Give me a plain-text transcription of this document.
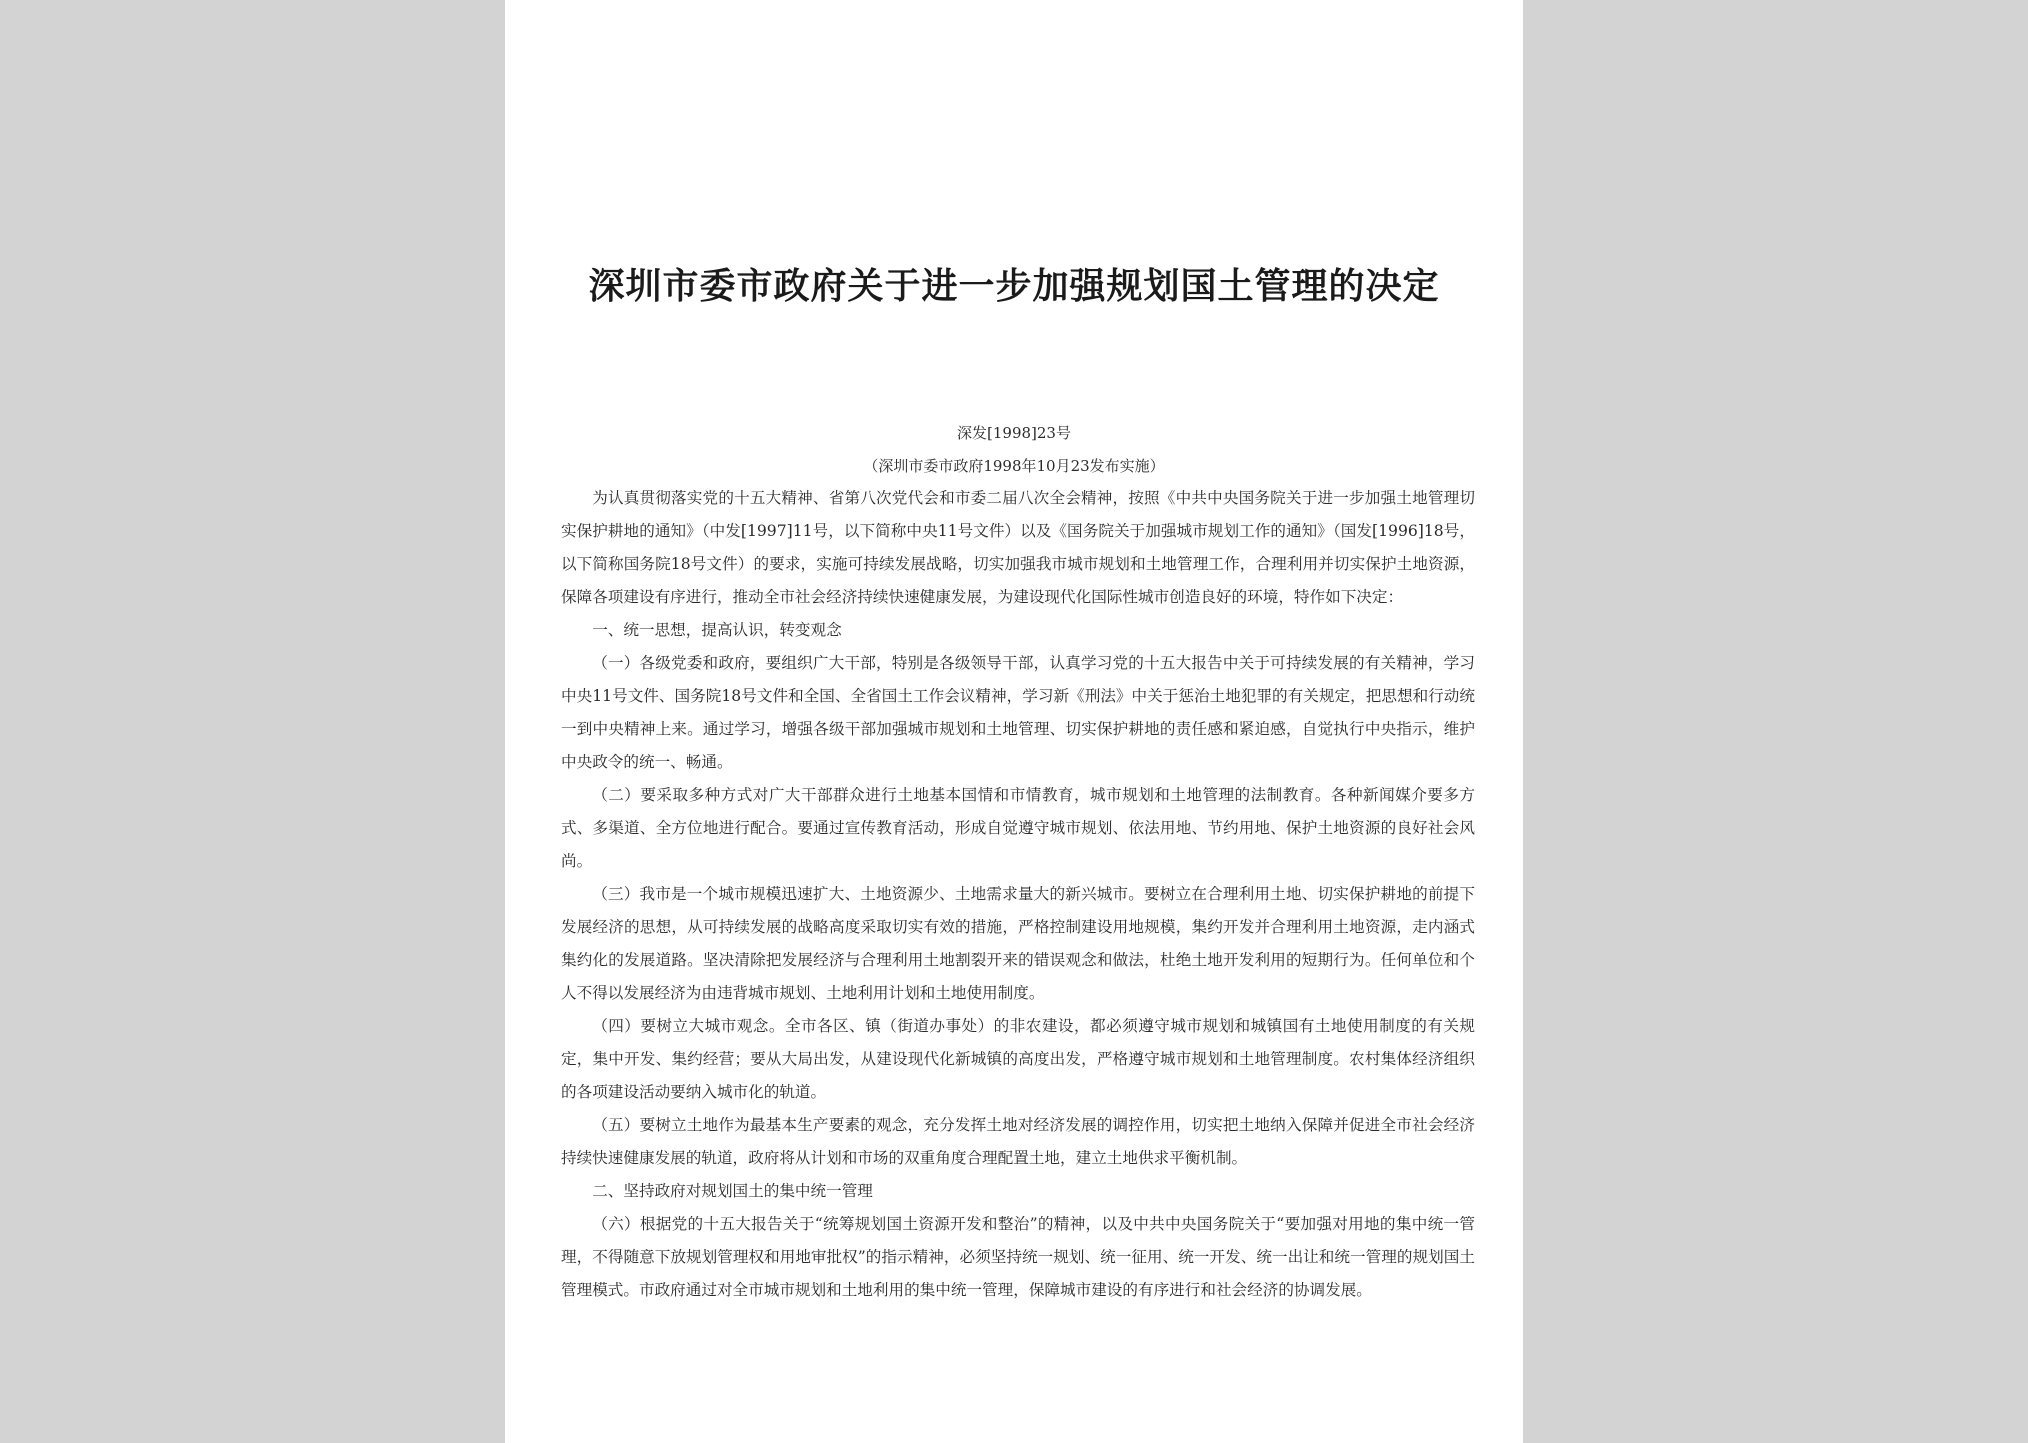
深圳市委市政府关于进一步加强规划国土管理的决定
深发[1998]23号
（深圳市委市政府1998年10月23发布实施）

为认真贯彻落实党的十五大精神、省第八次党代会和市委二届八次全会精神，按照《中共中央国务院关于进一步加强土地管理切实保护耕地的通知》（中发[1997]11号，以下简称中央11号文件）以及《国务院关于加强城市规划工作的通知》（国发[1996]18号，以下简称国务院18号文件）的要求，实施可持续发展战略，切实加强我市城市规划和土地管理工作，合理利用并切实保护土地资源，保障各项建设有序进行，推动全市社会经济持续快速健康发展，为建设现代化国际性城市创造良好的环境，特作如下决定：

一、统一思想，提高认识，转变观念

（一）各级党委和政府，要组织广大干部，特别是各级领导干部，认真学习党的十五大报告中关于可持续发展的有关精神，学习中央11号文件、国务院18号文件和全国、全省国土工作会议精神，学习新《刑法》中关于惩治土地犯罪的有关规定，把思想和行动统一到中央精神上来。通过学习，增强各级干部加强城市规划和土地管理、切实保护耕地的责任感和紧迫感，自觉执行中央指示，维护中央政令的统一、畅通。

（二）要采取多种方式对广大干部群众进行土地基本国情和市情教育，城市规划和土地管理的法制教育。各种新闻媒介要多方式、多渠道、全方位地进行配合。要通过宣传教育活动，形成自觉遵守城市规划、依法用地、节约用地、保护土地资源的良好社会风尚。

（三）我市是一个城市规模迅速扩大、土地资源少、土地需求量大的新兴城市。要树立在合理利用土地、切实保护耕地的前提下发展经济的思想，从可持续发展的战略高度采取切实有效的措施，严格控制建设用地规模，集约开发并合理利用土地资源，走内涵式集约化的发展道路。坚决清除把发展经济与合理利用土地割裂开来的错误观念和做法，杜绝土地开发利用的短期行为。任何单位和个人不得以发展经济为由违背城市规划、土地利用计划和土地使用制度。

（四）要树立大城市观念。全市各区、镇（街道办事处）的非农建设，都必须遵守城市规划和城镇国有土地使用制度的有关规定，集中开发、集约经营；要从大局出发，从建设现代化新城镇的高度出发，严格遵守城市规划和土地管理制度。农村集体经济组织的各项建设活动要纳入城市化的轨道。

（五）要树立土地作为最基本生产要素的观念，充分发挥土地对经济发展的调控作用，切实把土地纳入保障并促进全市社会经济持续快速健康发展的轨道，政府将从计划和市场的双重角度合理配置土地，建立土地供求平衡机制。

二、坚持政府对规划国土的集中统一管理

（六）根据党的十五大报告关于“统筹规划国土资源开发和整治”的精神，以及中共中央国务院关于“要加强对用地的集中统一管理，不得随意下放规划管理权和用地审批权”的指示精神，必须坚持统一规划、统一征用、统一开发、统一出让和统一管理的规划国土管理模式。市政府通过对全市城市规划和土地利用的集中统一管理，保障城市建设的有序进行和社会经济的协调发展。
